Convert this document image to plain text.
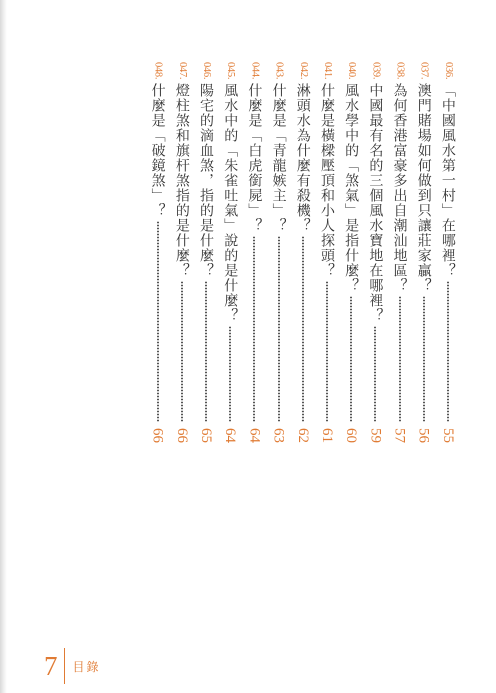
036.
「中國風水第一村」在哪裡？
55
037.
澳門賭場如何做到只讓莊家贏？
56
038.
為何香港富豪多出自潮汕地區？
57
039.
中國最有名的三個風水寶地在哪裡？
59
040.
風水學中的「煞氣」是指什麼？
60
041.
什麼是橫樑壓頂和小人探頭？
61
042.
淋頭水為什麼有殺機？
62
043.
什麼是「青龍嫉主」？
63
044.
什麼是「白虎銜屍」？
64
045.
風水中的「朱雀吐氣」說的是什麼？
64
046.
陽宅的滴血煞，指的是什麼？
65
047.
燈柱煞和旗杆煞指的是什麼？
66
048.
什麼是「破鏡煞」？
66
7 目錄
